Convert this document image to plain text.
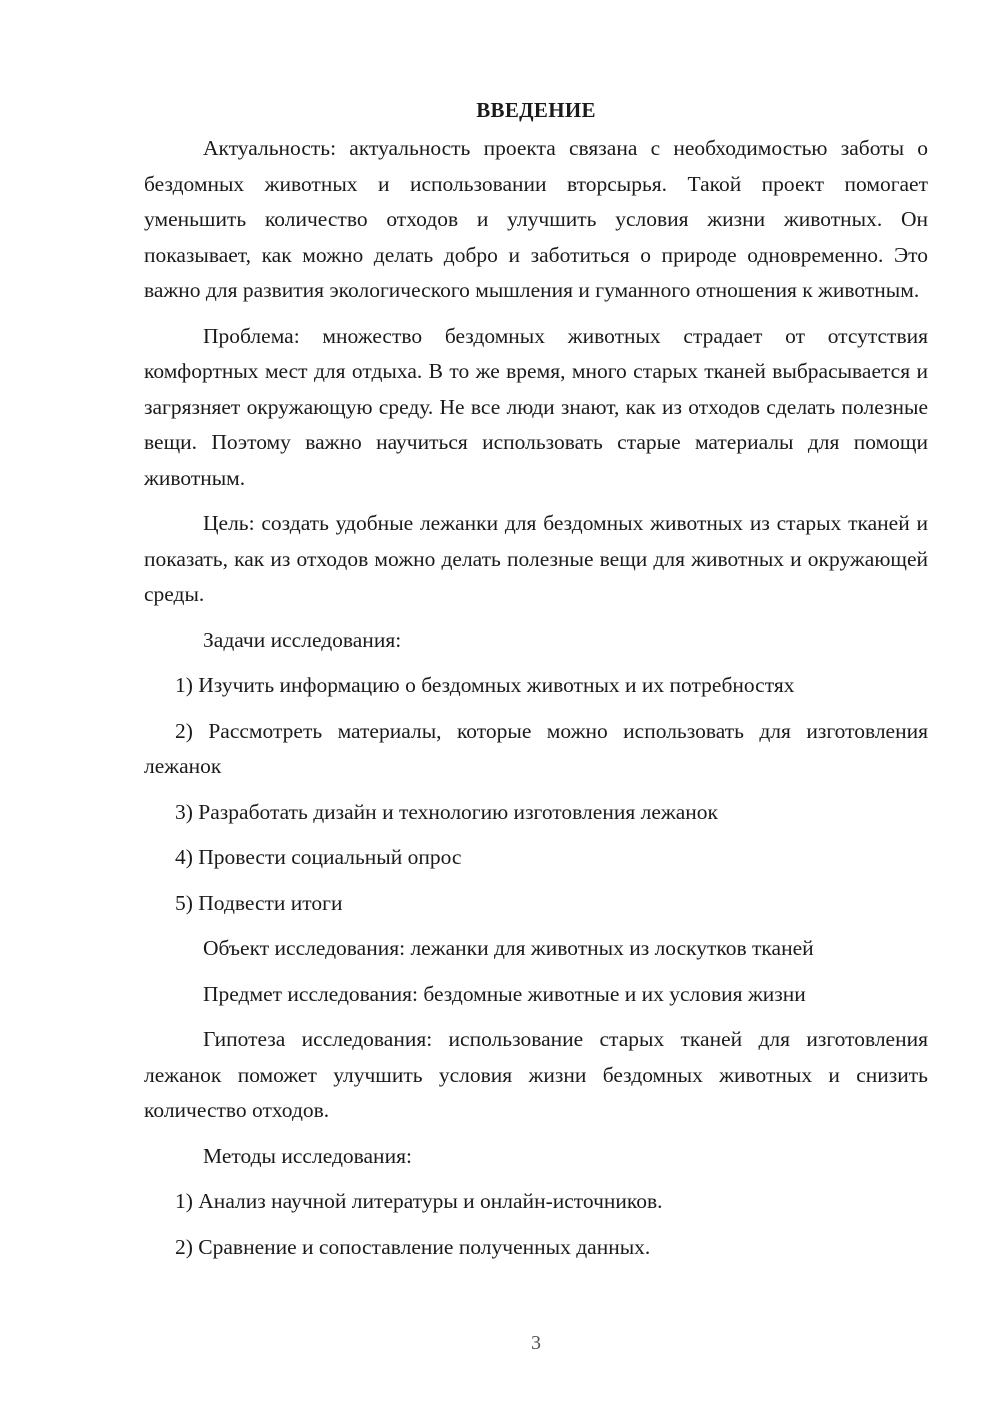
ВВЕДЕНИЕ

Актуальность: актуальность проекта связана с необходимостью заботы о бездомных животных и использовании вторсырья. Такой проект помогает уменьшить количество отходов и улучшить условия жизни животных. Он показывает, как можно делать добро и заботиться о природе одновременно. Это важно для развития экологического мышления и гуманного отношения к животным.

Проблема: множество бездомных животных страдает от отсутствия комфортных мест для отдыха. В то же время, много старых тканей выбрасывается и загрязняет окружающую среду. Не все люди знают, как из отходов сделать полезные вещи. Поэтому важно научиться использовать старые материалы для помощи животным.

Цель: создать удобные лежанки для бездомных животных из старых тканей и показать, как из отходов можно делать полезные вещи для животных и окружающей среды.

Задачи исследования:

1) Изучить информацию о бездомных животных и их потребностях

2) Рассмотреть материалы, которые можно использовать для изготовления лежанок

3) Разработать дизайн и технологию изготовления лежанок

4) Провести социальный опрос

5) Подвести итоги

Объект исследования: лежанки для животных из лоскутков тканей

Предмет исследования: бездомные животные и их условия жизни

Гипотеза исследования: использование старых тканей для изготовления лежанок поможет улучшить условия жизни бездомных животных и снизить количество отходов.

Методы исследования:

1) Анализ научной литературы и онлайн-источников.

2) Сравнение и сопоставление полученных данных.

3
